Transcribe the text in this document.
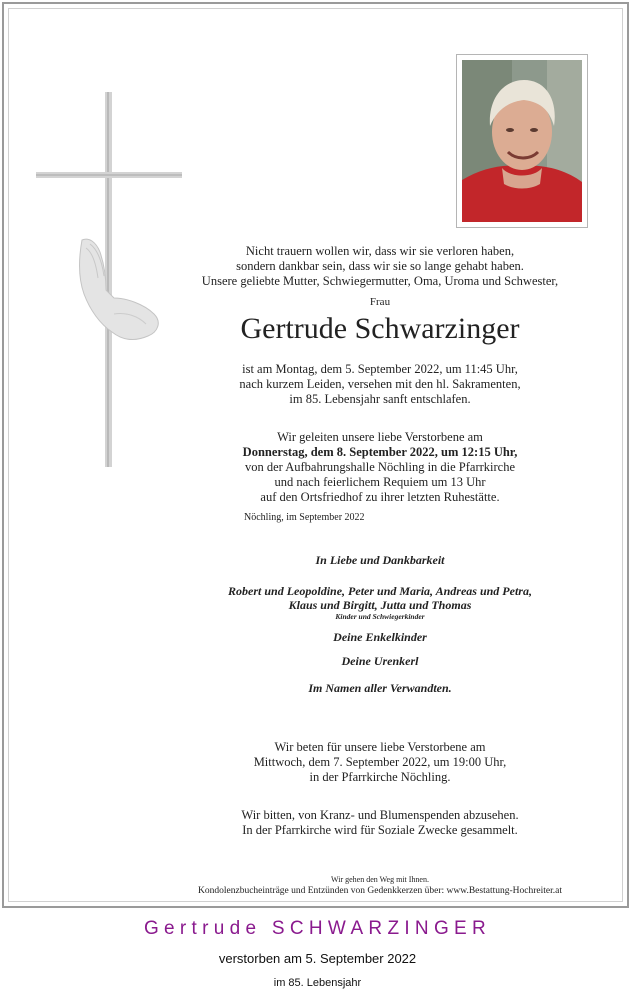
Nicht trauern wollen wir, dass wir sie verloren haben,
sondern dankbar sein, dass wir sie so lange gehabt haben.
Unsere geliebte Mutter, Schwiegermutter, Oma, Uroma und Schwester,
Frau
Gertrude Schwarzinger
ist am Montag, dem 5. September 2022, um 11:45 Uhr,
nach kurzem Leiden, versehen mit den hl. Sakramenten,
im 85. Lebensjahr sanft entschlafen.
Wir geleiten unsere liebe Verstorbene am
Donnerstag, dem 8. September 2022, um 12:15 Uhr,
von der Aufbahrungshalle Nöchling in die Pfarrkirche
und nach feierlichem Requiem um 13 Uhr
auf den Ortsfriedhof zu ihrer letzten Ruhestätte.
Nöchling, im September 2022
In Liebe und Dankbarkeit
Robert und Leopoldine, Peter und Maria, Andreas und Petra,
Klaus und Birgitt, Jutta und Thomas
Kinder und Schwiegerkinder
Deine Enkelkinder
Deine Urenkerl
Im Namen aller Verwandten.
Wir beten für unsere liebe Verstorbene am
Mittwoch, dem 7. September 2022, um 19:00 Uhr,
in der Pfarrkirche Nöchling.
Wir bitten, von Kranz- und Blumenspenden abzusehen.
In der Pfarrkirche wird für Soziale Zwecke gesammelt.
Wir gehen den Weg mit Ihnen.
Kondolenzbucheinträge und Entzünden von Gedenkkerzen über: www.Bestattung-Hochreiter.at
Gertrude SCHWARZINGER
verstorben am 5. September 2022
im 85. Lebensjahr
